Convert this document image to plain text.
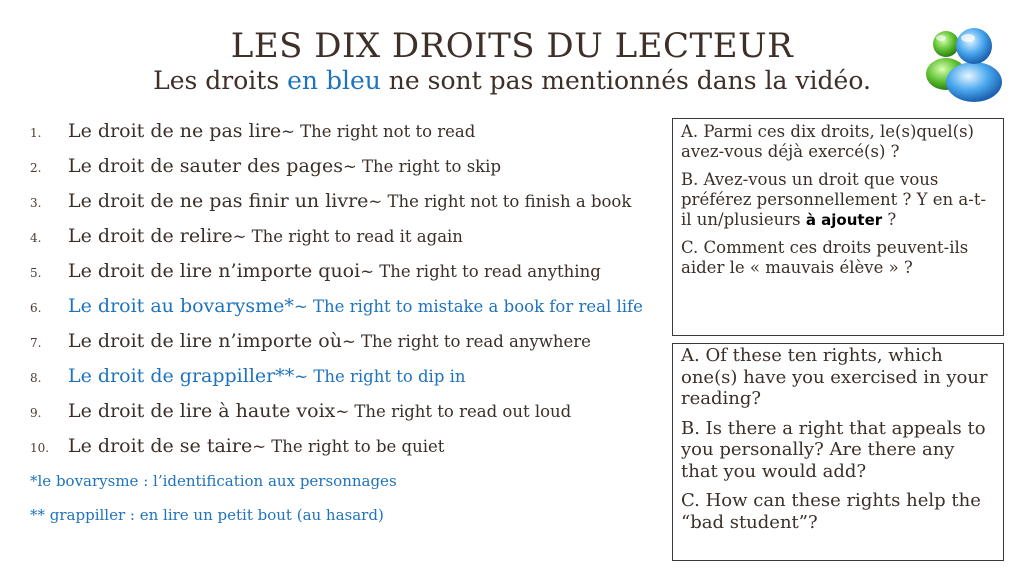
LES DIX DROITS DU LECTEUR
Les droits en bleu ne sont pas mentionnés dans la vidéo.
1.	Le droit de ne pas lire ~ The right not to read
2.	Le droit de sauter des pages ~ The right to skip
3.	Le droit de ne pas finir un livre ~ The right not to finish a book
4.	Le droit de relire ~ The right to read it again
5.	Le droit de lire n’importe quoi ~ The right to read anything
6.	Le droit au bovarysme* ~ The right to mistake a book for real life
7.	Le droit de lire n’importe où ~ The right to read anywhere
8.	Le droit de grappiller** ~ The right to dip in
9.	Le droit de lire à haute voix ~ The right to read out loud
10. Le droit de se taire ~ The right to be quiet
*le bovarysme : l’identification aux personnages
** grappiller : en lire un petit bout (au hasard)

A. Parmi ces dix droits, le(s)quel(s) avez-vous déjà exercé(s) ?

B. Avez-vous un droit que vous préférez personnellement ? Y en a-t-il un/plusieurs à ajouter ?

C. Comment ces droits peuvent-ils aider le « mauvais élève » ?

A. Of these ten rights, which one(s) have you exercised in your reading?

B. Is there a right that appeals to you personally? Are there any that you would add?

C. How can these rights help the “bad student”?
